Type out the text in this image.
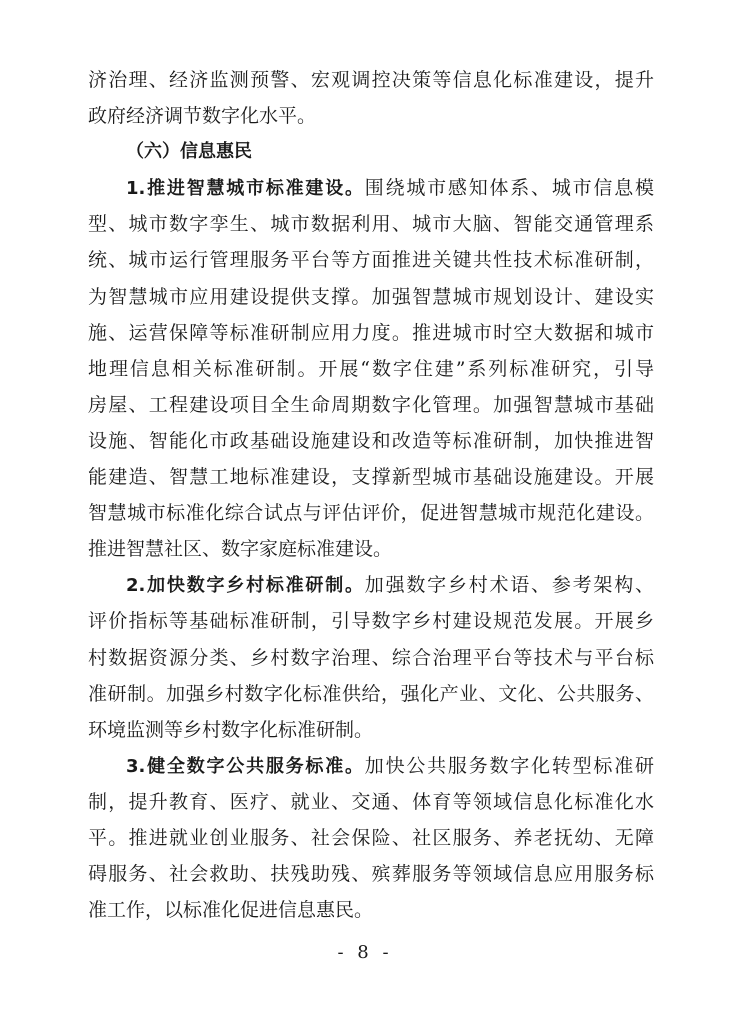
济治理、经济监测预警、宏观调控决策等信息化标准建设，提升
政府经济调节数字化水平。
（六）信息惠民
1.推进智慧城市标准建设。围绕城市感知体系、城市信息模
型、城市数字孪生、城市数据利用、城市大脑、智能交通管理系
统、城市运行管理服务平台等方面推进关键共性技术标准研制，
为智慧城市应用建设提供支撑。加强智慧城市规划设计、建设实
施、运营保障等标准研制应用力度。推进城市时空大数据和城市
地理信息相关标准研制。开展“数字住建”系列标准研究，引导
房屋、工程建设项目全生命周期数字化管理。加强智慧城市基础
设施、智能化市政基础设施建设和改造等标准研制，加快推进智
能建造、智慧工地标准建设，支撑新型城市基础设施建设。开展
智慧城市标准化综合试点与评估评价，促进智慧城市规范化建设。
推进智慧社区、数字家庭标准建设。
2.加快数字乡村标准研制。加强数字乡村术语、参考架构、
评价指标等基础标准研制，引导数字乡村建设规范发展。开展乡
村数据资源分类、乡村数字治理、综合治理平台等技术与平台标
准研制。加强乡村数字化标准供给，强化产业、文化、公共服务、
环境监测等乡村数字化标准研制。
3.健全数字公共服务标准。加快公共服务数字化转型标准研
制，提升教育、医疗、就业、交通、体育等领域信息化标准化水
平。推进就业创业服务、社会保险、社区服务、养老抚幼、无障
碍服务、社会救助、扶残助残、殡葬服务等领域信息应用服务标
准工作，以标准化促进信息惠民。
- 8 -
